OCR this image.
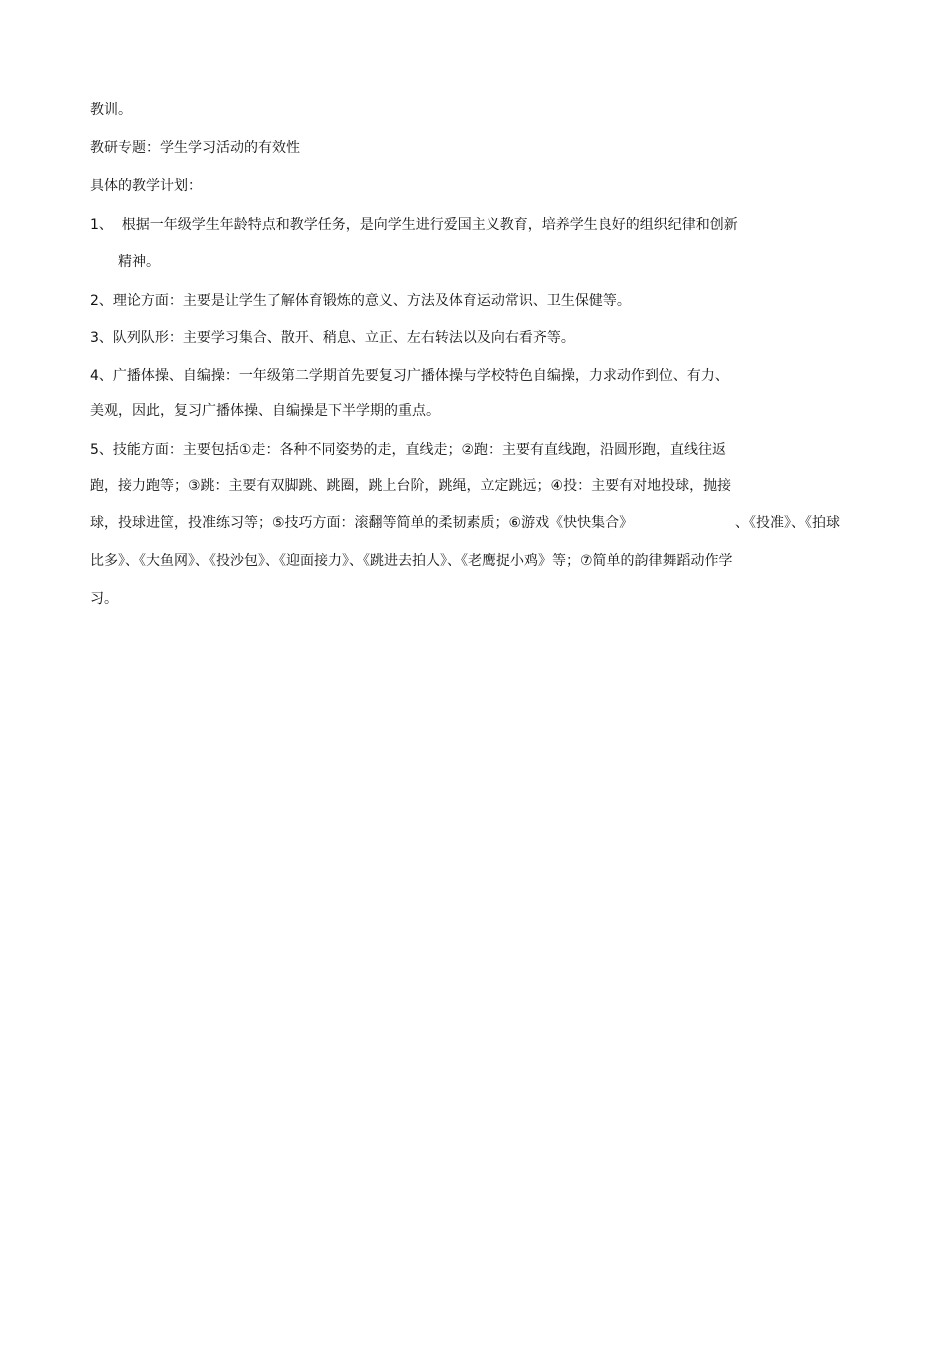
教训。
教研专题：学生学习活动的有效性
具体的教学计划：
1、  根据一年级学生年龄特点和教学任务，是向学生进行爱国主义教育，培养学生良好的组织纪律和创新
精神。
2、理论方面：主要是让学生了解体育锻炼的意义、方法及体育运动常识、卫生保健等。
3、队列队形：主要学习集合、散开、稍息、立正、左右转法以及向右看齐等。
4、广播体操、自编操：一年级第二学期首先要复习广播体操与学校特色自编操，力求动作到位、有力、
美观，因此，复习广播体操、自编操是下半学期的重点。
5、技能方面：主要包括①走：各种不同姿势的走，直线走；②跑：主要有直线跑，沿圆形跑，直线往返
跑，接力跑等；③跳：主要有双脚跳、跳圈，跳上台阶，跳绳，立定跳远；④投：主要有对地投球，抛接
球，投球进筐，投准练习等；⑤技巧方面：滚翻等简单的柔韧素质；⑥游戏《快快集合》	、《投准》、《拍球
比多》、《大鱼网》、《投沙包》、《迎面接力》、《跳进去拍人》、《老鹰捉小鸡》等；⑦简单的韵律舞蹈动作学
习。
